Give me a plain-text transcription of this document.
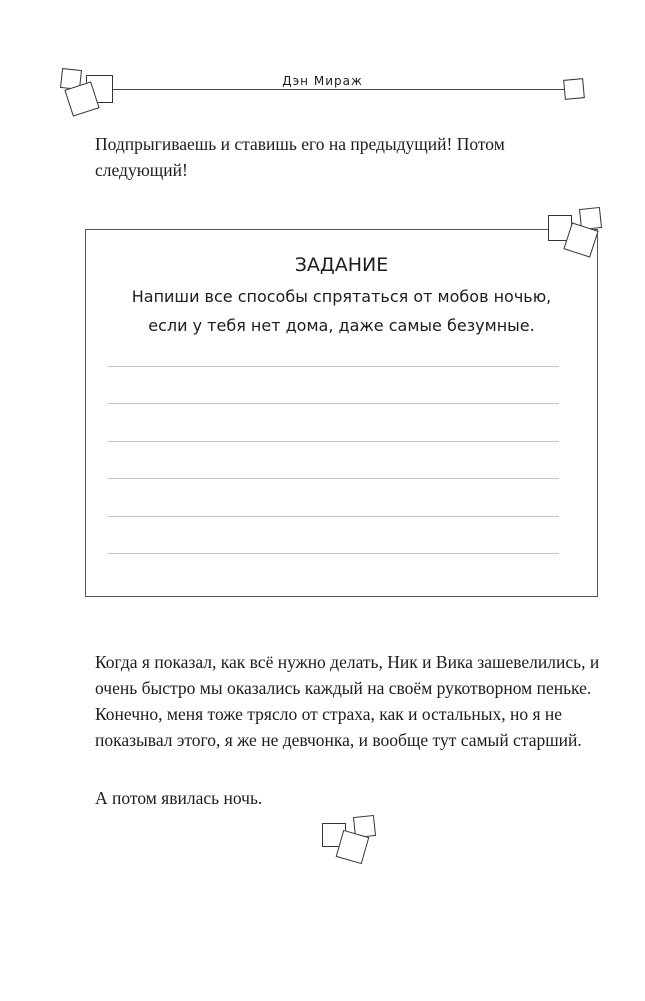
Дэн Мираж
Подпрыгиваешь и ставишь его на предыдущий! Потом следующий!
ЗАДАНИЕ
Напиши все способы спрятаться от мобов ночью,
если у тебя нет дома, даже самые безумные.
Когда я показал, как всё нужно делать, Ник и Вика зашевелились, и очень быстро мы оказались каждый на своём рукотворном пеньке. Конечно, меня тоже трясло от страха, как и остальных, но я не показывал этого, я же не девчонка, и вообще тут самый старший.
А потом явилась ночь.
